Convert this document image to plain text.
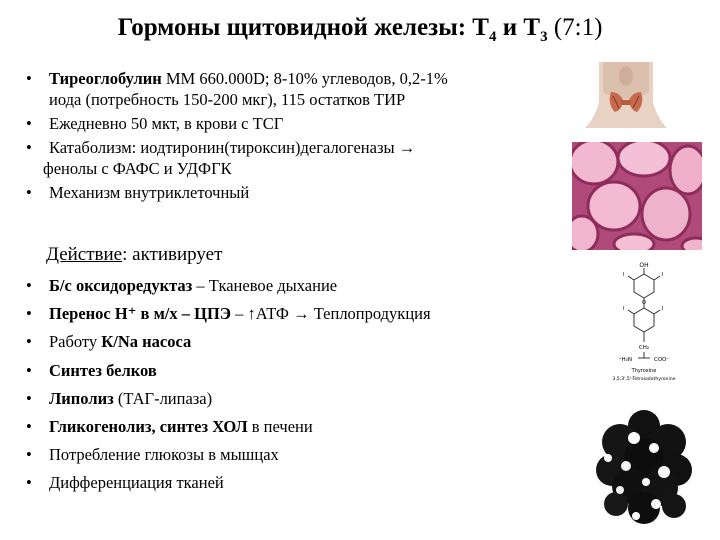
Гормоны щитовидной железы: $Т_4$ и $Т_3$ (7:1)
• Тиреоглобулин ММ 660.000D; 8-10% углеводов, 0,2-1%
иода (потребность 150-200 мкг), 115 остатков ТИР
• Ежедневно 50 мкт, в крови с ТСГ
• Катаболизм: иодтиронин(тироксин)дегалогеназы →
фенолы с ФАФС и УДФГК
• Механизм внутриклеточный
Действие: активирует
• Б/с оксидоредуктаз – Тканевое дыхание
• Перенос Н⁺ в м/х – ЦПЭ – ↑АТФ → Теплопродукция
• Работу К/Na насоса
• Синтез белков
• Липолиз (ТАГ-липаза)
• Гликогенолиз, синтез ХОЛ в печени
• Потребление глюкозы в мышцах
• Дифференциация тканей
OH
I
I
I
I
O
CH₂
⁺H₃N	COO⁻
Thyroxine
3,5,3',5'-Tetraiodothyronine
